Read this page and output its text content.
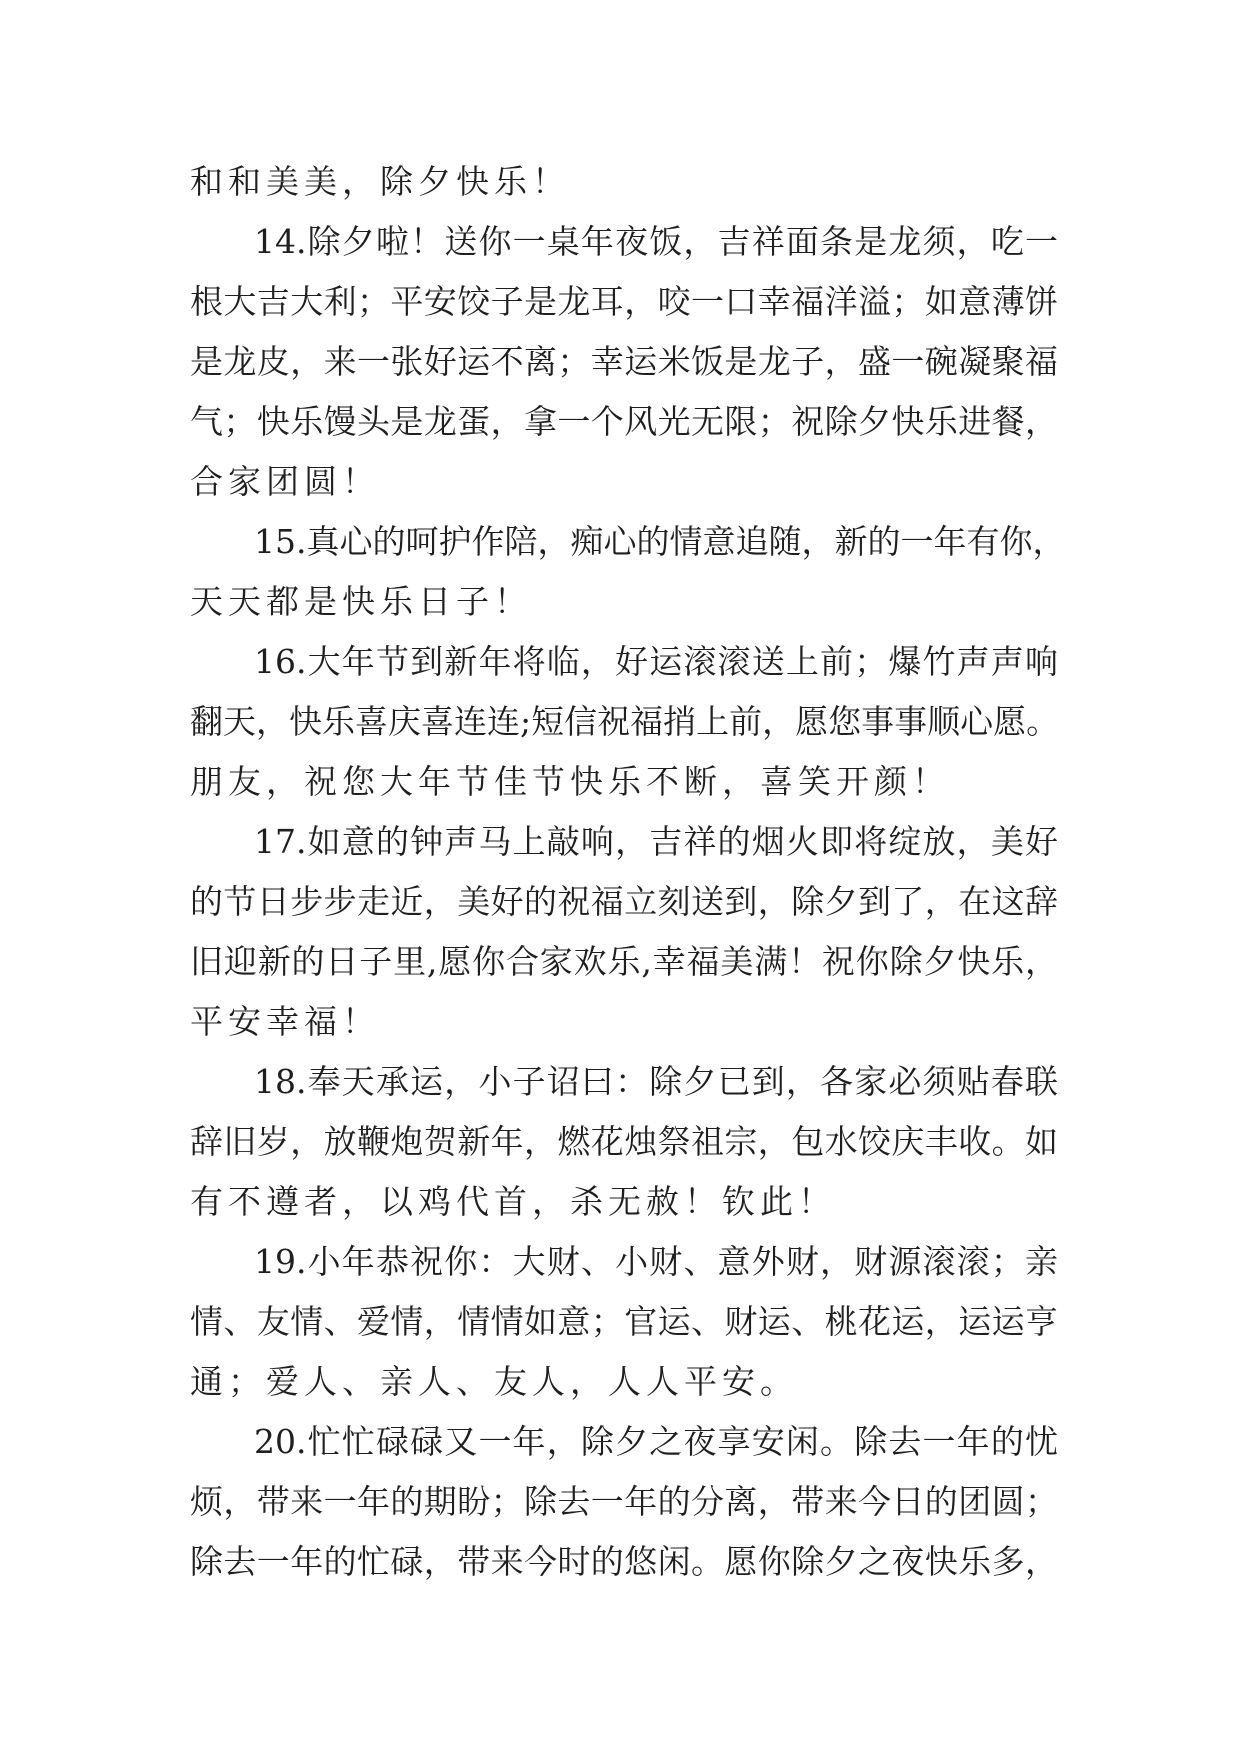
和和美美，除夕快乐！
14.除夕啦！送你一桌年夜饭，吉祥面条是龙须，吃一
根大吉大利；平安饺子是龙耳，咬一口幸福洋溢；如意薄饼
是龙皮，来一张好运不离；幸运米饭是龙子，盛一碗凝聚福
气；快乐馒头是龙蛋，拿一个风光无限；祝除夕快乐进餐，
合家团圆！
15.真心的呵护作陪，痴心的情意追随，新的一年有你，
天天都是快乐日子！
16.大年节到新年将临，好运滚滚送上前；爆竹声声响
翻天，快乐喜庆喜连连;短信祝福捎上前，愿您事事顺心愿。
朋友，祝您大年节佳节快乐不断，喜笑开颜！
17.如意的钟声马上敲响，吉祥的烟火即将绽放，美好
的节日步步走近，美好的祝福立刻送到，除夕到了，在这辞
旧迎新的日子里,愿你合家欢乐,幸福美满！祝你除夕快乐，
平安幸福！
18.奉天承运，小子诏曰：除夕已到，各家必须贴春联
辞旧岁，放鞭炮贺新年，燃花烛祭祖宗，包水饺庆丰收。如
有不遵者，以鸡代首，杀无赦！钦此！
19.小年恭祝你：大财、小财、意外财，财源滚滚；亲
情、友情、爱情，情情如意；官运、财运、桃花运，运运亨
通；爱人、亲人、友人，人人平安。
20.忙忙碌碌又一年，除夕之夜享安闲。除去一年的忧
烦，带来一年的期盼；除去一年的分离，带来今日的团圆；
除去一年的忙碌，带来今时的悠闲。愿你除夕之夜快乐多，
